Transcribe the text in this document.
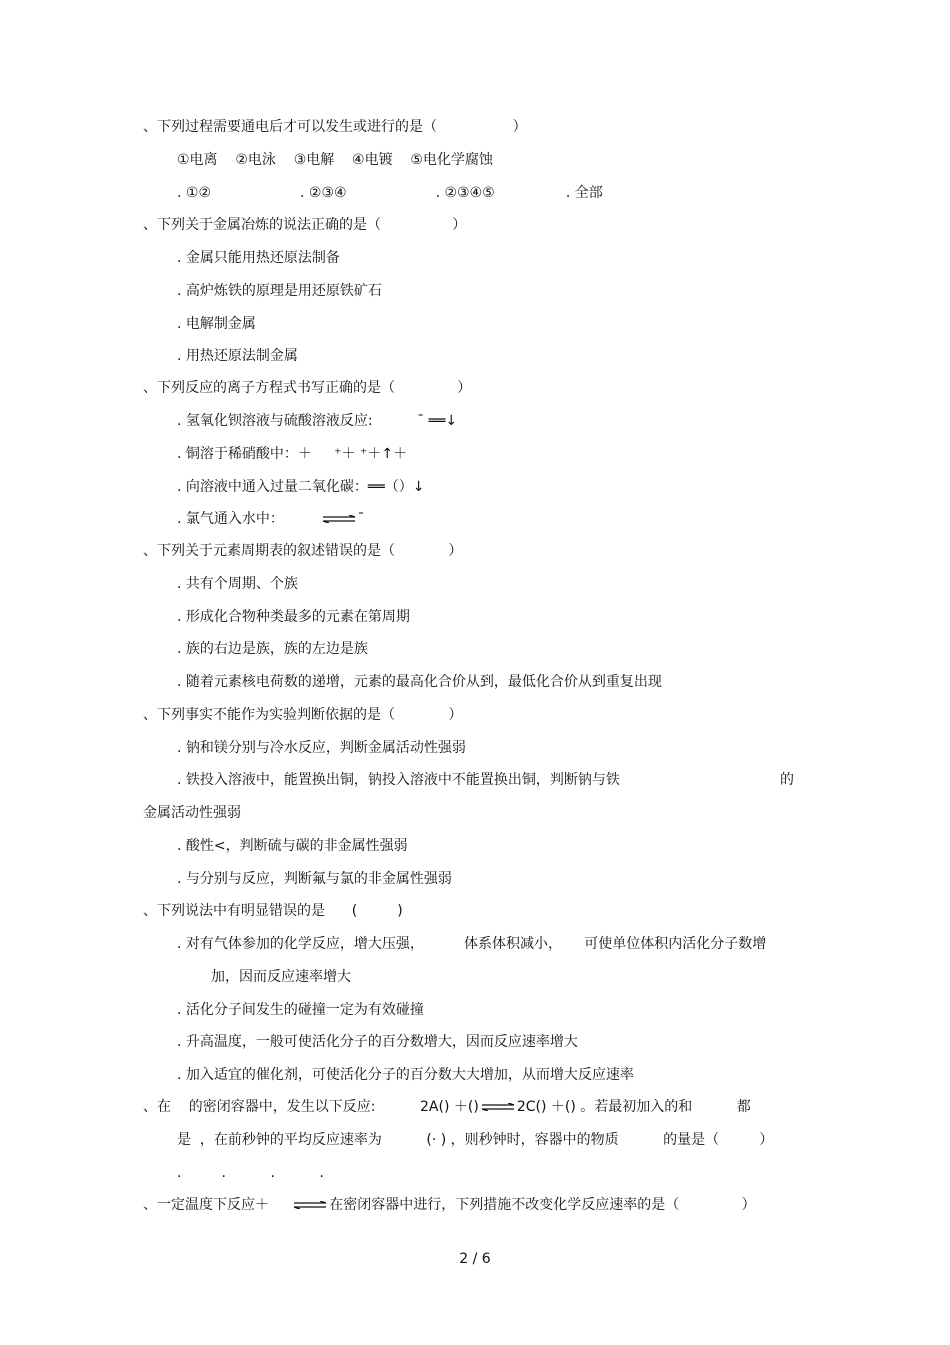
、下列过程需要通电后才可以发生或进行的是（                 ）
①电离    ②电泳    ③电解    ④电镀    ⑤电化学腐蚀
. ①②                    . ②③④                    . ②③④⑤                . 全部
、下列关于金属冶炼的说法正确的是（                ）
. 金属只能用热还原法制备
. 高炉炼铁的原理是用还原铁矿石
. 电解制金属
. 用热还原法制金属
、下列反应的离子方程式书写正确的是（              ）
. 氢氧化钡溶液与硫酸溶液反应:          ˉ ══↓
. 铜溶于稀硝酸中：＋     ⁺＋ ⁺＋↑＋
. 向溶液中通入过量二氧化碳：══（）↓
. 氯气通入水中： ⇌ ˉ
、下列关于元素周期表的叙述错误的是（            ）
. 共有个周期、个族
. 形成化合物种类最多的元素在第周期
. 族的右边是族，族的左边是族
. 随着元素核电荷数的递增，元素的最高化合价从到，最低化合价从到重复出现
、下列事实不能作为实验判断依据的是（            ）
. 钠和镁分别与冷水反应，判断金属活动性强弱
. 铁投入溶液中，能置换出铜，钠投入溶液中不能置换出铜，判断钠与铁	的
金属活动性强弱
. 酸性<，判断硫与碳的非金属性强弱
. 与分别与反应，判断氟与氯的非金属性强弱
、下列说法中有明显错误的是      (         )
. 对有气体参加的化学反应，增大压强，         体系体积减小，     可使单位体积内活化分子数增
加，因而反应速率增大
. 活化分子间发生的碰撞一定为有效碰撞
. 升高温度，一般可使活化分子的百分数增大，因而反应速率增大
. 加入适宜的催化剂，可使活化分子的百分数大大增加，从而增大反应速率
、在    的密闭容器中，发生以下反应:          2A() ＋() ⇌ 2C() ＋() 。若最初加入的和          都
是  ，在前秒钟的平均反应速率为          (· ) ，则秒钟时，容器中的物质          的量是（         ）
.         .          .          .
、一定温度下反应＋ ⇌ 在密闭容器中进行，下列措施不改变化学反应速率的是（              ）
2 / 6
